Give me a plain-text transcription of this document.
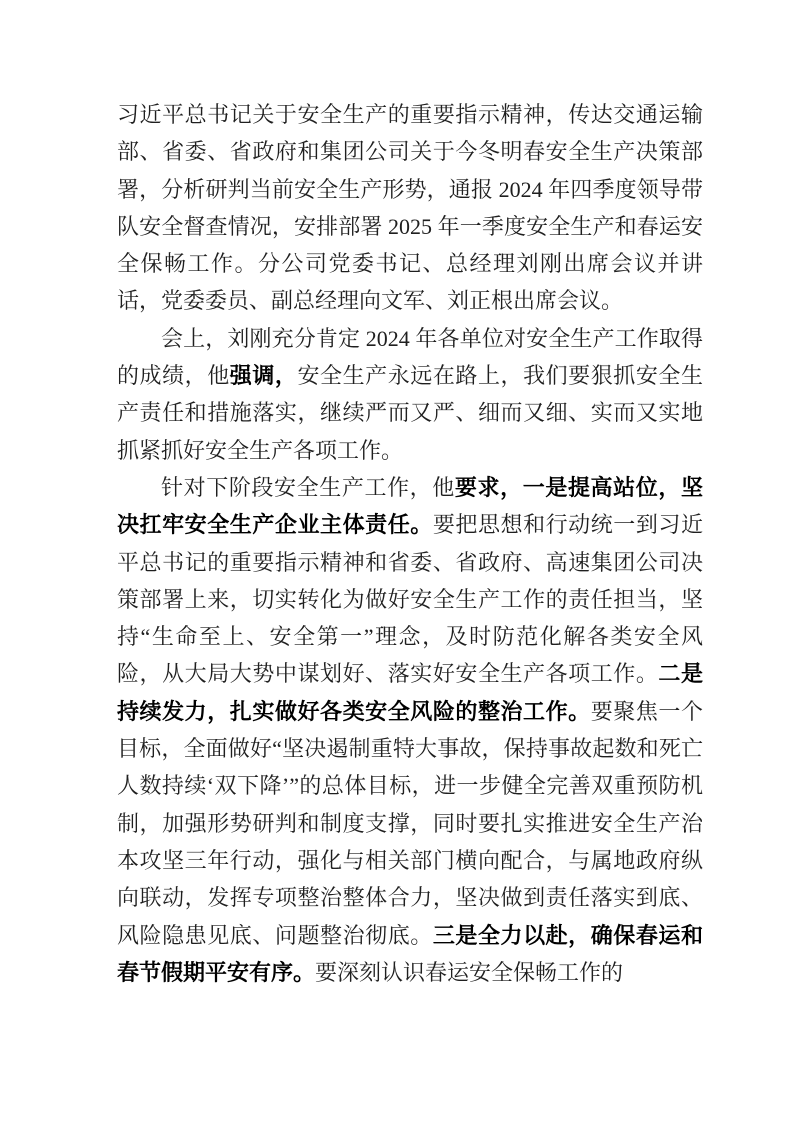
习近平总书记关于安全生产的重要指示精神，传达交通运输部、省委、省政府和集团公司关于今冬明春安全生产决策部署，分析研判当前安全生产形势，通报 2024 年四季度领导带队安全督查情况，安排部署 2025 年一季度安全生产和春运安全保畅工作。分公司党委书记、总经理刘刚出席会议并讲话，党委委员、副总经理向文军、刘正根出席会议。

会上，刘刚充分肯定 2024 年各单位对安全生产工作取得的成绩，他强调，安全生产永远在路上，我们要狠抓安全生产责任和措施落实，继续严而又严、细而又细、实而又实地抓紧抓好安全生产各项工作。

针对下阶段安全生产工作，他要求，一是提高站位，坚决扛牢安全生产企业主体责任。要把思想和行动统一到习近平总书记的重要指示精神和省委、省政府、高速集团公司决策部署上来，切实转化为做好安全生产工作的责任担当，坚持“生命至上、安全第一”理念，及时防范化解各类安全风险，从大局大势中谋划好、落实好安全生产各项工作。二是持续发力，扎实做好各类安全风险的整治工作。要聚焦一个目标，全面做好“坚决遏制重特大事故，保持事故起数和死亡人数持续‘双下降’”的总体目标，进一步健全完善双重预防机制，加强形势研判和制度支撑，同时要扎实推进安全生产治本攻坚三年行动，强化与相关部门横向配合，与属地政府纵向联动，发挥专项整治整体合力，坚决做到责任落实到底、风险隐患见底、问题整治彻底。三是全力以赴，确保春运和春节假期平安有序。要深刻认识春运安全保畅工作的
